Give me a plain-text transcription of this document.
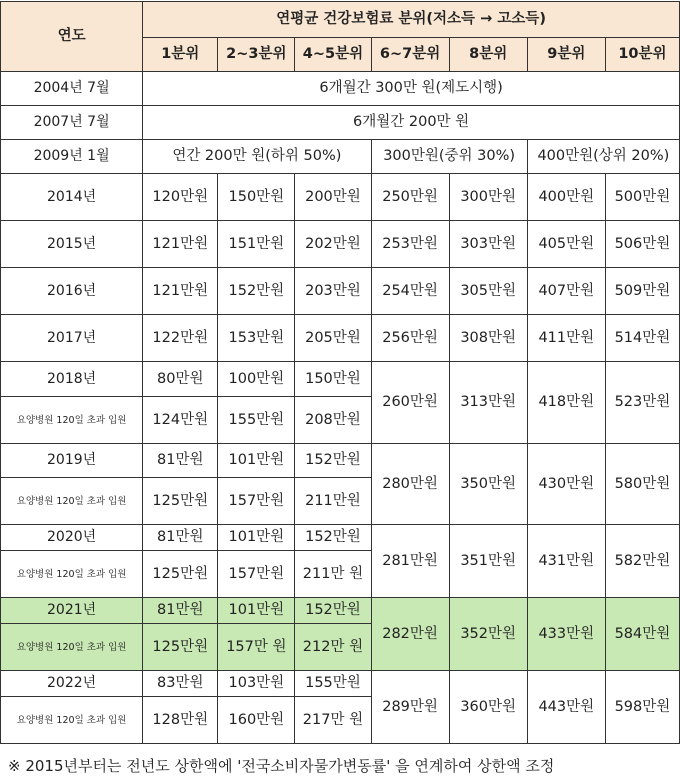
연도	연평균 건강보험료 분위(저소득 → 고소득)						
	1분위	2~3분위	4~5분위	6~7분위	8분위	9분위	10분위
2004년 7월	6개월간 300만 원(제도시행)						
2007년 7월	6개월간 200만 원						
2009년 1월	연간 200만 원(하위 50%)			300만원(중위 30%)		400만원(상위 20%)	
2014년	120만원	150만원	200만원	250만원	300만원	400만원	500만원
2015년	121만원	151만원	202만원	253만원	303만원	405만원	506만원
2016년	121만원	152만원	203만원	254만원	305만원	407만원	509만원
2017년	122만원	153만원	205만원	256만원	308만원	411만원	514만원
2018년	80만원	100만원	150만원	260만원	313만원	418만원	523만원
요양병원 120일 초과 입원	124만원	155만원	208만원				
2019년	81만원	101만원	152만원	280만원	350만원	430만원	580만원
요양병원 120일 초과 입원	125만원	157만원	211만원				
2020년	81만원	101만원	152만원	281만원	351만원	431만원	582만원
요양병원 120일 초과 입원	125만원	157만원	211만 원				
2021년	81만원	101만원	152만원	282만원	352만원	433만원	584만원
요양병원 120일 초과 입원	125만원	157만 원	212만 원				
2022년	83만원	103만원	155만원	289만원	360만원	443만원	598만원
요양병원 120일 초과 입원	128만원	160만원	217만 원				
※ 2015년부터는 전년도 상한액에 '전국소비자물가변동률' 을 연계하여 상한액 조정
